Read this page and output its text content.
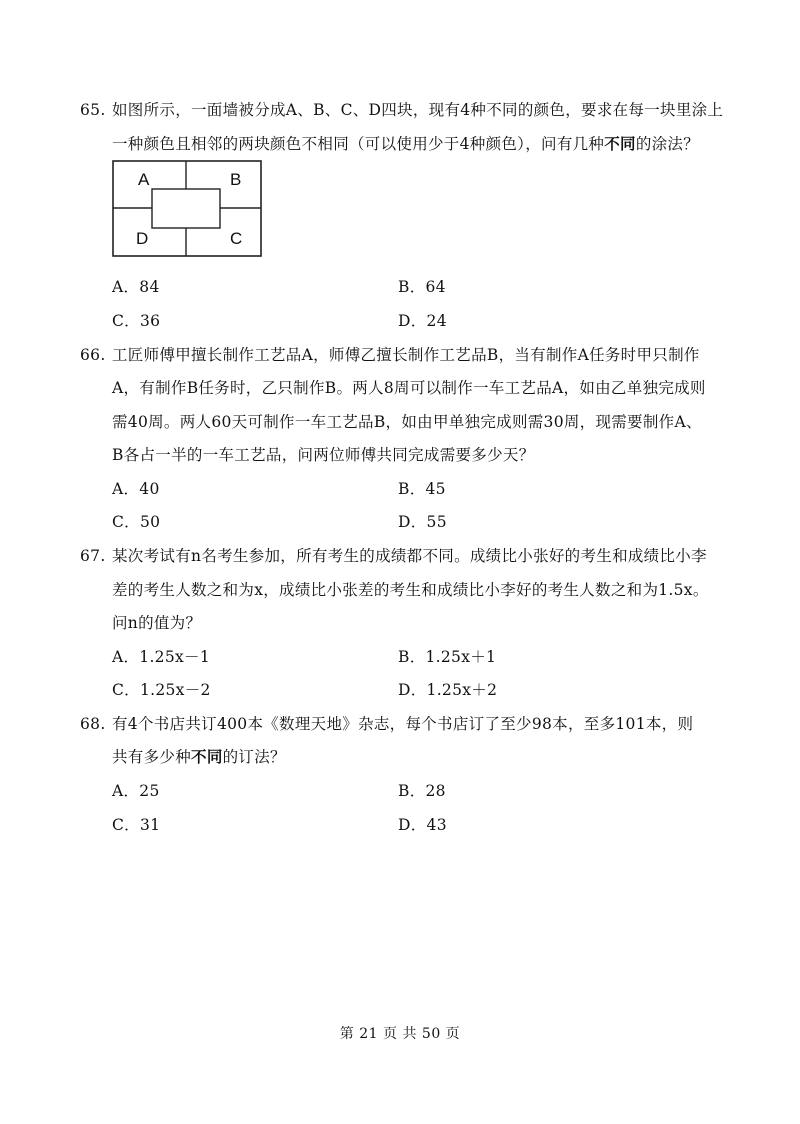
65. 如图所示，一面墙被分成A、B、C、D四块，现有4种不同的颜色，要求在每一块里涂上
一种颜色且相邻的两块颜色不相同（可以使用少于4种颜色），问有几种不同的涂法？
A	B
D	C
A．84	B．64
C．36	D．24
66. 工匠师傅甲擅长制作工艺品A，师傅乙擅长制作工艺品B，当有制作A任务时甲只制作
A，有制作B任务时，乙只制作B。两人8周可以制作一车工艺品A，如由乙单独完成则
需40周。两人60天可制作一车工艺品B，如由甲单独完成则需30周，现需要制作A、
B各占一半的一车工艺品，问两位师傅共同完成需要多少天？
A．40	B．45
C．50	D．55
67. 某次考试有n名考生参加，所有考生的成绩都不同。成绩比小张好的考生和成绩比小李
差的考生人数之和为x，成绩比小张差的考生和成绩比小李好的考生人数之和为1.5x。
问n的值为？
A．1.25x－1	B．1.25x＋1
C．1.25x－2	D．1.25x＋2
68. 有4个书店共订400本《数理天地》杂志，每个书店订了至少98本，至多101本，则
共有多少种不同的订法？
A．25	B．28
C．31	D．43
第 21 页 共 50 页
